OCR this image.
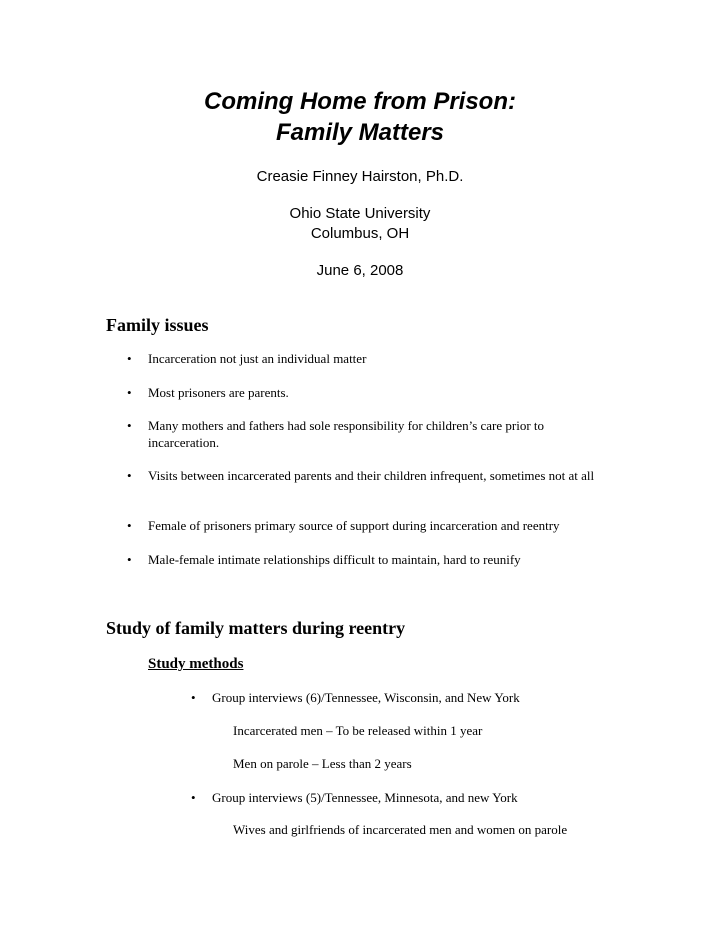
Coming Home from Prison:
Family Matters
Creasie Finney Hairston, Ph.D.
Ohio State University
Columbus, OH
June 6, 2008
Family issues
• Incarceration not just an individual matter
• Most prisoners are parents.
• Many mothers and fathers had sole responsibility for children’s care prior to incarceration.
• Visits between incarcerated parents and their children infrequent, sometimes not at all
• Female of prisoners primary source of support during incarceration and reentry
• Male-female intimate relationships difficult to maintain, hard to reunify
Study of family matters during reentry
Study methods
• Group interviews (6)/Tennessee, Wisconsin, and New York
Incarcerated men – To be released within 1 year
Men on parole – Less than 2 years
• Group interviews (5)/Tennessee, Minnesota, and new York
Wives and girlfriends of incarcerated men and women on parole
